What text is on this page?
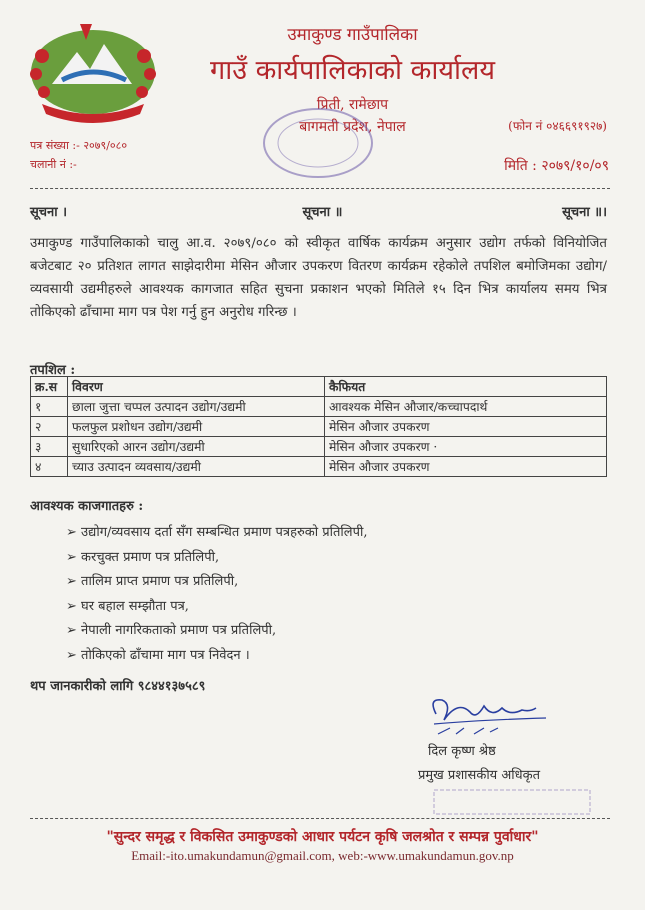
उमाकुण्ड गाउँपालिका
गाउँ कार्यपालिकाको कार्यालय
प्रिती, रामेछाप
बागमती प्रदेश, नेपाल	(फोन नं ०४६६९१९२७)
पत्र संख्या :- २०७९/०८०
चलानी नं :-	मिति : २०७९/१०/०९
सूचना ।	सूचना ॥	सूचना ॥।
उमाकुण्ड गाउँपालिकाको चालु आ.व. २०७९/०८० को स्वीकृत वार्षिक कार्यक्रम अनुसार उद्योग तर्फको विनियोजित बजेटबाट २० प्रतिशत लागत साझेदारीमा मेसिन औजार उपकरण वितरण कार्यक्रम रहेकोले तपशिल बमोजिमका उद्योग/व्यवसायी उद्यमीहरुले आवश्यक कागजात सहित सुचना प्रकाशन भएको मितिले १५ दिन भित्र कार्यालय समय भित्र तोकिएको ढाँचामा माग पत्र पेश गर्नु हुन अनुरोध गरिन्छ ।
तपशिल :
क्र.स	विवरण	कैफियत
१	छाला जुत्ता चप्पल उत्पादन उद्योग/उद्यमी	आवश्यक मेसिन औजार/कच्चापदार्थ
२	फलफुल प्रशोधन उद्योग/उद्यमी	मेसिन औजार उपकरण
३	सुधारिएको आरन उद्योग/उद्यमी	मेसिन औजार उपकरण ·
४	च्याउ उत्पादन व्यवसाय/उद्यमी	मेसिन औजार उपकरण
आवश्यक काजगातहरु :
➢ उद्योग/व्यवसाय दर्ता सँग सम्बन्धित प्रमाण पत्रहरुको प्रतिलिपी,
➢ करचुक्त प्रमाण पत्र प्रतिलिपी,
➢ तालिम प्राप्त प्रमाण पत्र प्रतिलिपी,
➢ घर बहाल सम्झौता पत्र,
➢ नेपाली नागरिकताको प्रमाण पत्र प्रतिलिपी,
➢ तोकिएको ढाँचामा माग पत्र निवेदन ।
थप जानकारीको लागि ९८४४१३७५८९
दिल कृष्ण श्रेष्ठ
प्रमुख प्रशासकीय अधिकृत
"सुन्दर समृद्ध र विकसित उमाकुण्डको आधार पर्यटन कृषि जलश्रोत र सम्पन्न पुर्वाधार"
Email:-ito.umakundamun@gmail.com, web:-www.umakundamun.gov.np
